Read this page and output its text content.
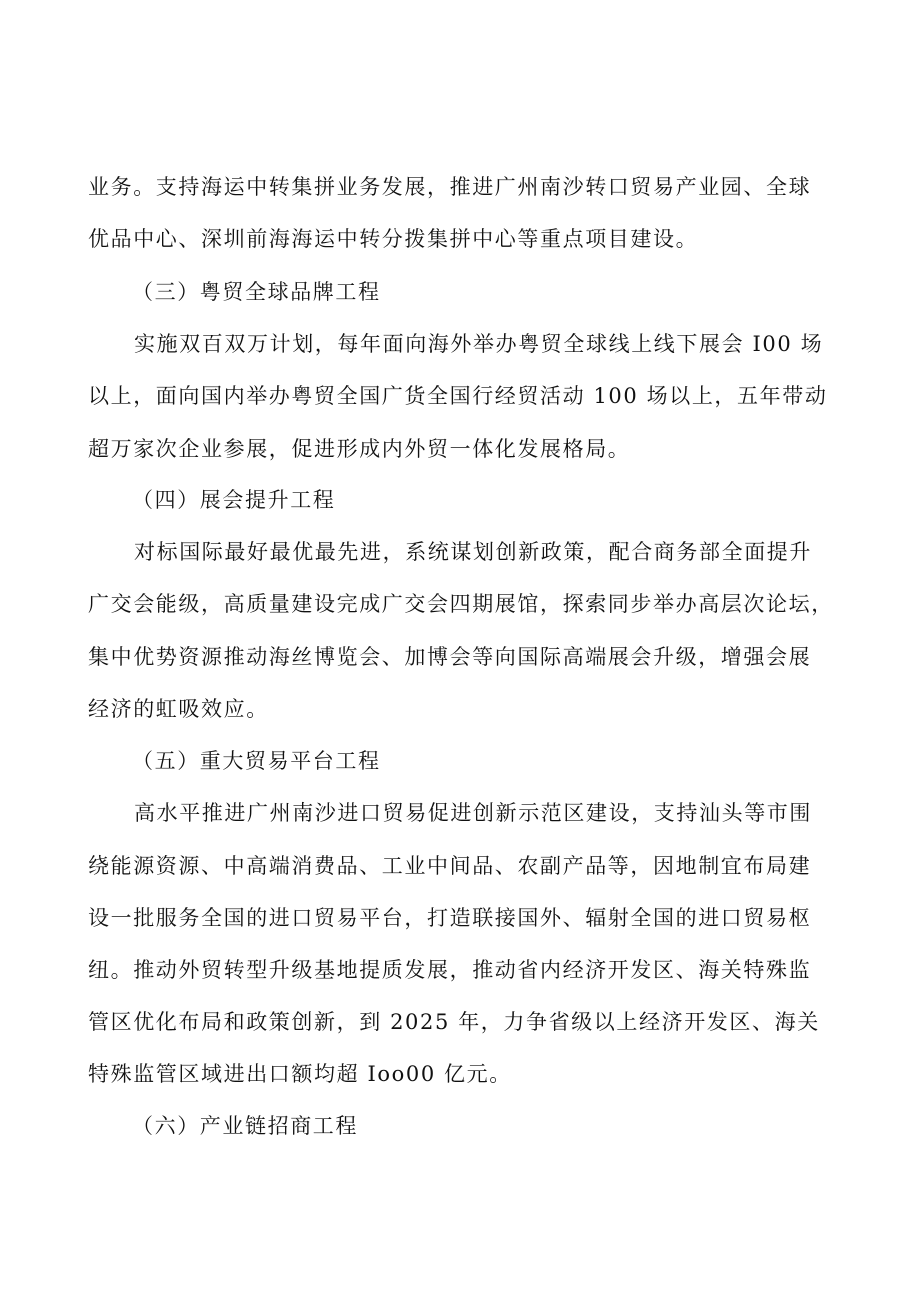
业务。支持海运中转集拼业务发展，推进广州南沙转口贸易产业园、全球
优品中心、深圳前海海运中转分拨集拼中心等重点项目建设。
（三）粤贸全球品牌工程
实施双百双万计划，每年面向海外举办粤贸全球线上线下展会 I00 场
以上，面向国内举办粤贸全国广货全国行经贸活动 100 场以上，五年带动
超万家次企业参展，促进形成内外贸一体化发展格局。
（四）展会提升工程
对标国际最好最优最先进，系统谋划创新政策，配合商务部全面提升
广交会能级，高质量建设完成广交会四期展馆，探索同步举办高层次论坛，
集中优势资源推动海丝博览会、加博会等向国际高端展会升级，增强会展
经济的虹吸效应。
（五）重大贸易平台工程
高水平推进广州南沙进口贸易促进创新示范区建设，支持汕头等市围
绕能源资源、中高端消费品、工业中间品、农副产品等，因地制宜布局建
设一批服务全国的进口贸易平台，打造联接国外、辐射全国的进口贸易枢
纽。推动外贸转型升级基地提质发展，推动省内经济开发区、海关特殊监
管区优化布局和政策创新，到 2025 年，力争省级以上经济开发区、海关
特殊监管区域进出口额均超 Ioo00 亿元。
（六）产业链招商工程
